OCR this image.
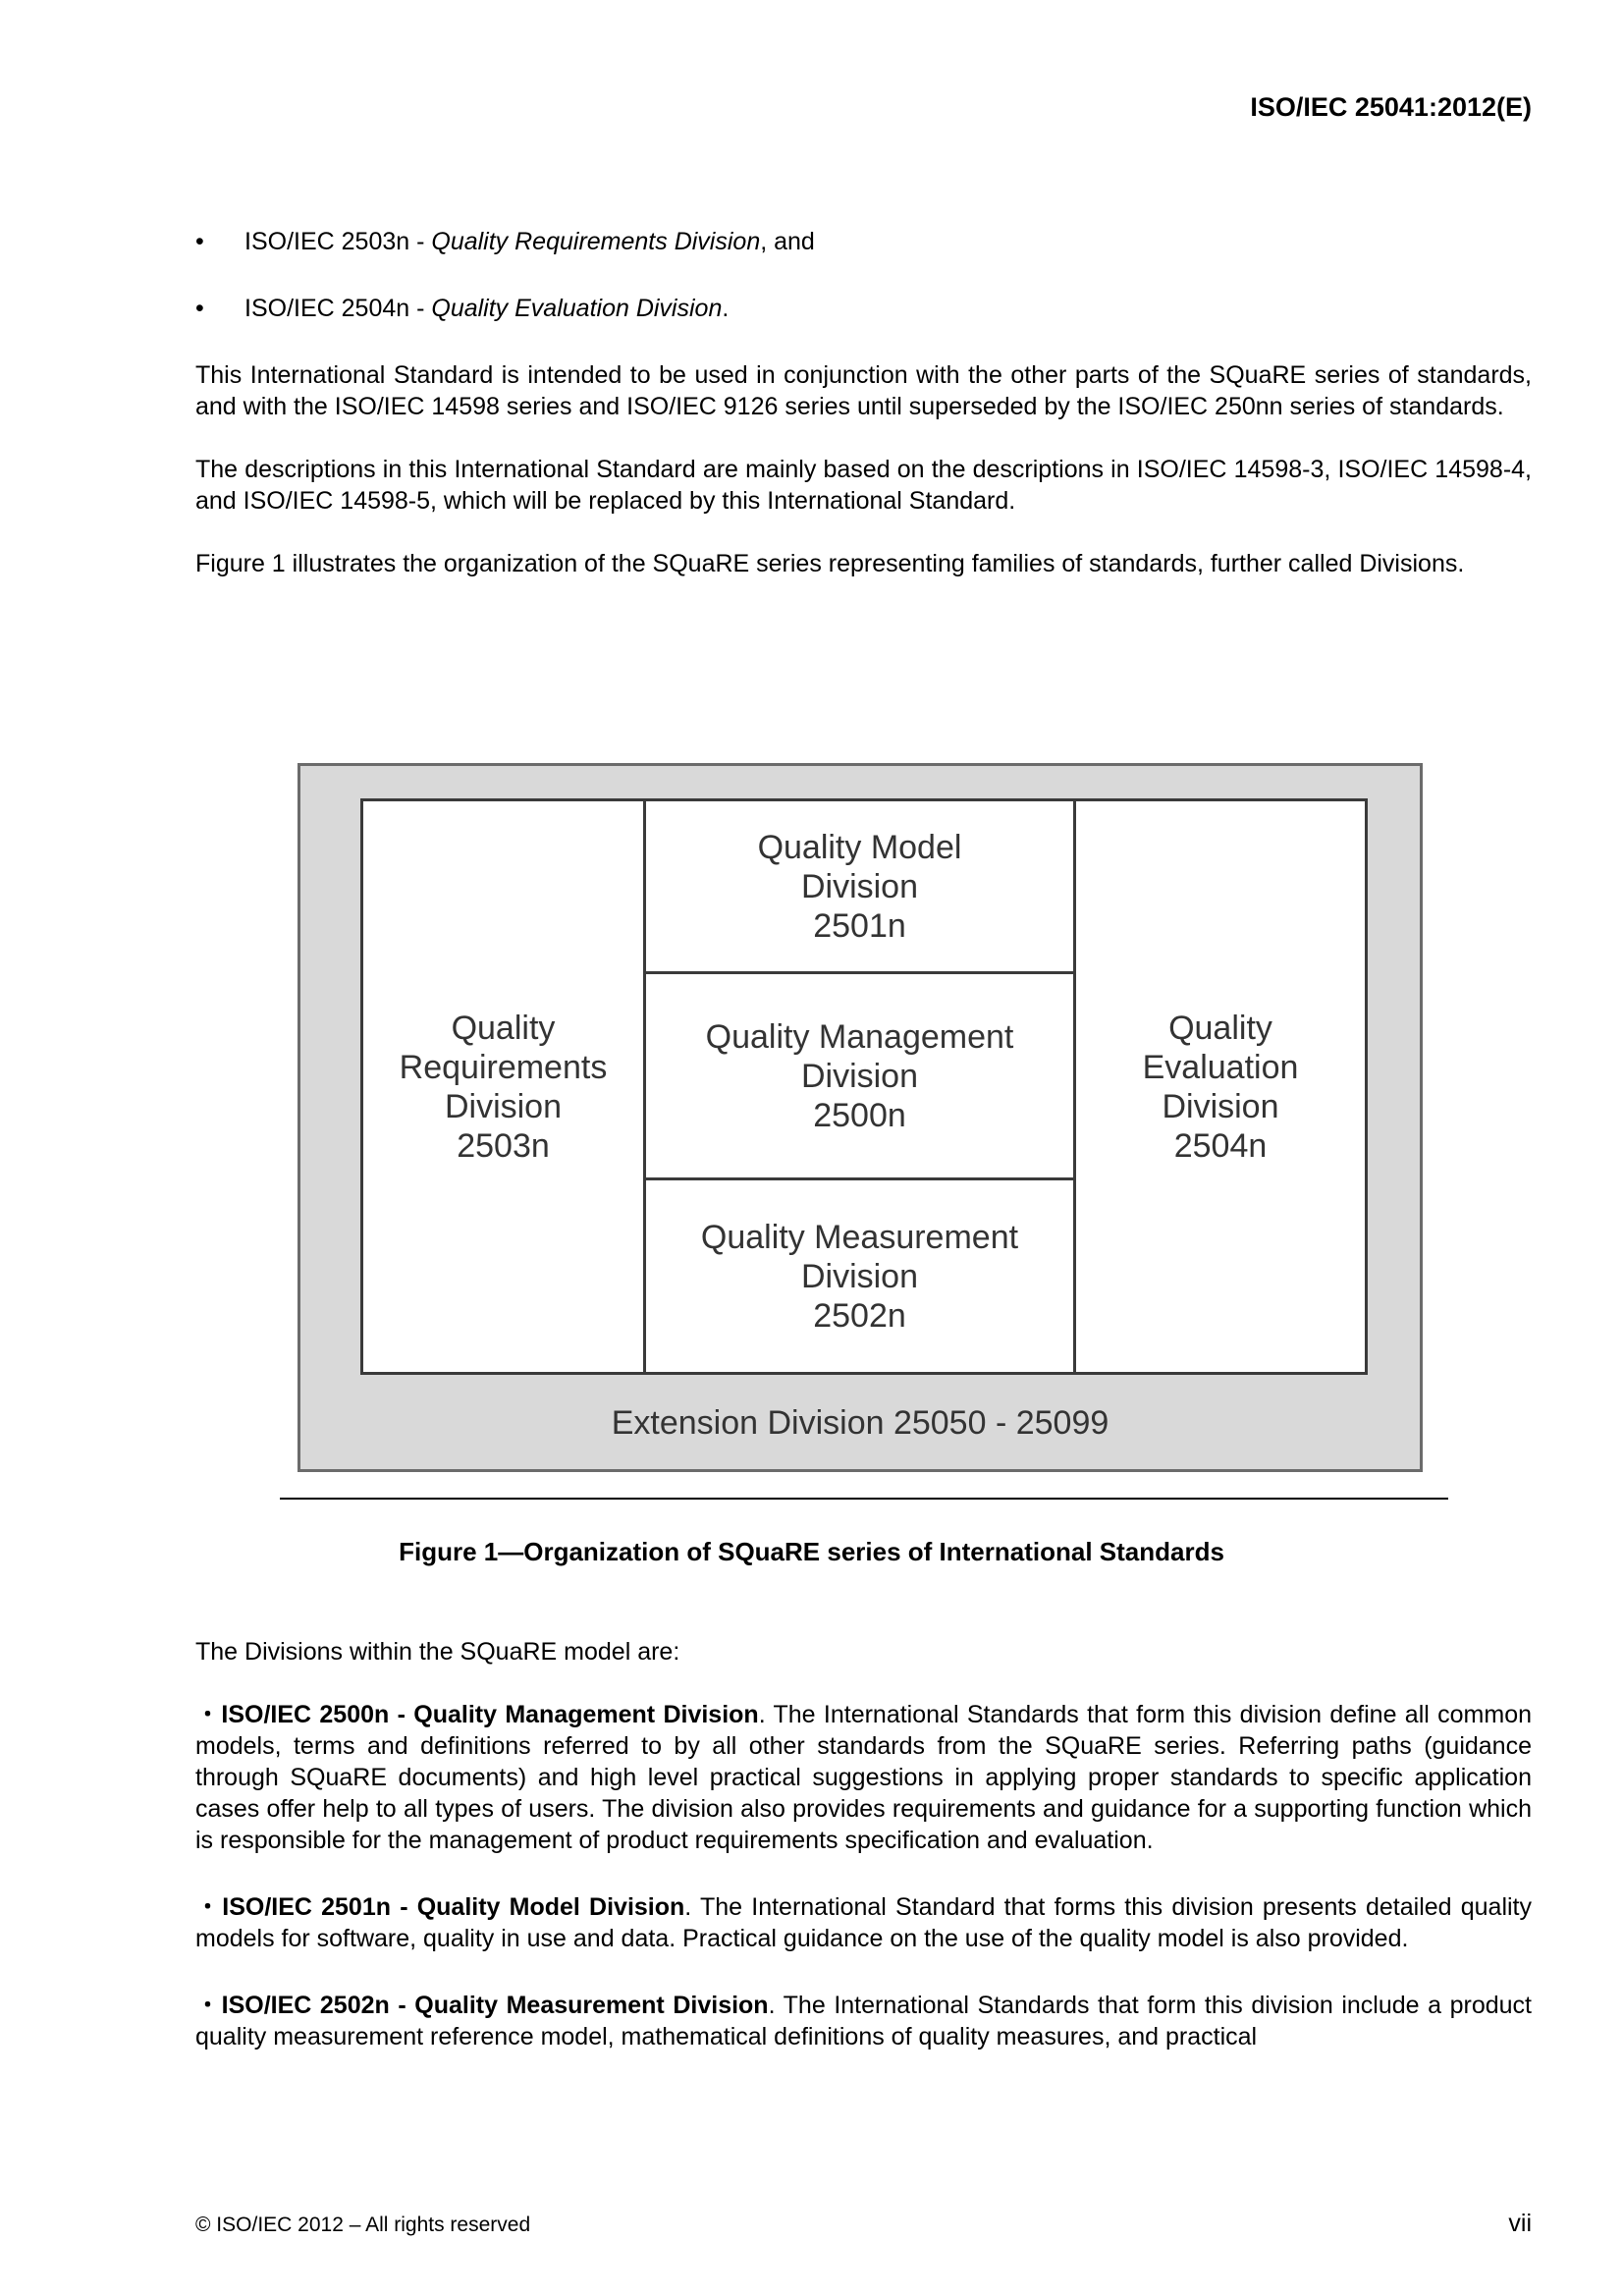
ISO/IEC 25041:2012(E)
• ISO/IEC 2503n - Quality Requirements Division, and
• ISO/IEC 2504n - Quality Evaluation Division.

This International Standard is intended to be used in conjunction with the other parts of the SQuaRE series of standards, and with the ISO/IEC 14598 series and ISO/IEC 9126 series until superseded by the ISO/IEC 250nn series of standards.

The descriptions in this International Standard are mainly based on the descriptions in ISO/IEC 14598-3, ISO/IEC 14598-4, and ISO/IEC 14598-5, which will be replaced by this International Standard.

Figure 1 illustrates the organization of the SQuaRE series representing families of standards, further called Divisions.

Quality
Requirements
Division
2503n
Quality Model
Division
2501n
Quality Management
Division
2500n
Quality Measurement
Division
2502n
Quality
Evaluation
Division
2504n
Extension Division 25050 - 25099
Figure 1—Organization of SQuaRE series of International Standards

The Divisions within the SQuaRE model are:

・ISO/IEC 2500n - Quality Management Division. The International Standards that form this division define all common models, terms and definitions referred to by all other standards from the SQuaRE series. Referring paths (guidance through SQuaRE documents) and high level practical suggestions in applying proper standards to specific application cases offer help to all types of users. The division also provides requirements and guidance for a supporting function which is responsible for the management of product requirements specification and evaluation.

・ISO/IEC 2501n - Quality Model Division. The International Standard that forms this division presents detailed quality models for software, quality in use and data. Practical guidance on the use of the quality model is also provided.

・ISO/IEC 2502n - Quality Measurement Division. The International Standards that form this division include a product quality measurement reference model, mathematical definitions of quality measures, and practical

© ISO/IEC 2012 – All rights reserved	vii
